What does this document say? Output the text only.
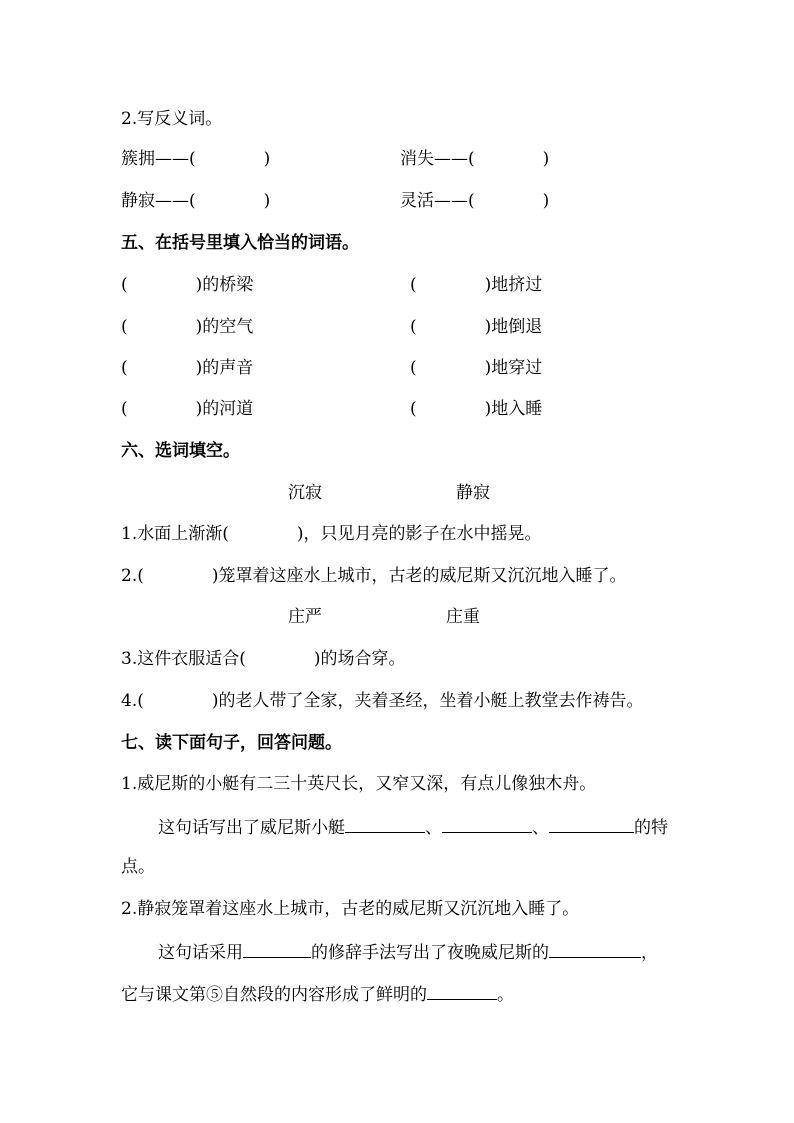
2.写反义词。
簇拥——(　　　　)	消失——(　　　　)
静寂——(　　　　)	灵活——(　　　　)
五、在括号里填入恰当的词语。
(　　　　)的桥梁	(　　　　)地挤过
(　　　　)的空气	(　　　　)地倒退
(　　　　)的声音	(　　　　)地穿过
(　　　　)的河道	(　　　　)地入睡
六、选词填空。
沉寂	静寂
1.水面上渐渐(　　　　)，只见月亮的影子在水中摇晃。
2.(　　　　)笼罩着这座水上城市，古老的威尼斯又沉沉地入睡了。
庄严	庄重
3.这件衣服适合(　　　　)的场合穿。
4.(　　　　)的老人带了全家，夹着圣经，坐着小艇上教堂去作祷告。
七、读下面句子，回答问题。
1.威尼斯的小艇有二三十英尺长，又窄又深，有点儿像独木舟。
这句话写出了威尼斯小艇	、	、	的特
点。
2.静寂笼罩着这座水上城市，古老的威尼斯又沉沉地入睡了。
这句话采用	的修辞手法写出了夜晚威尼斯的	，
它与课文第⑤自然段的内容形成了鲜明的	。
